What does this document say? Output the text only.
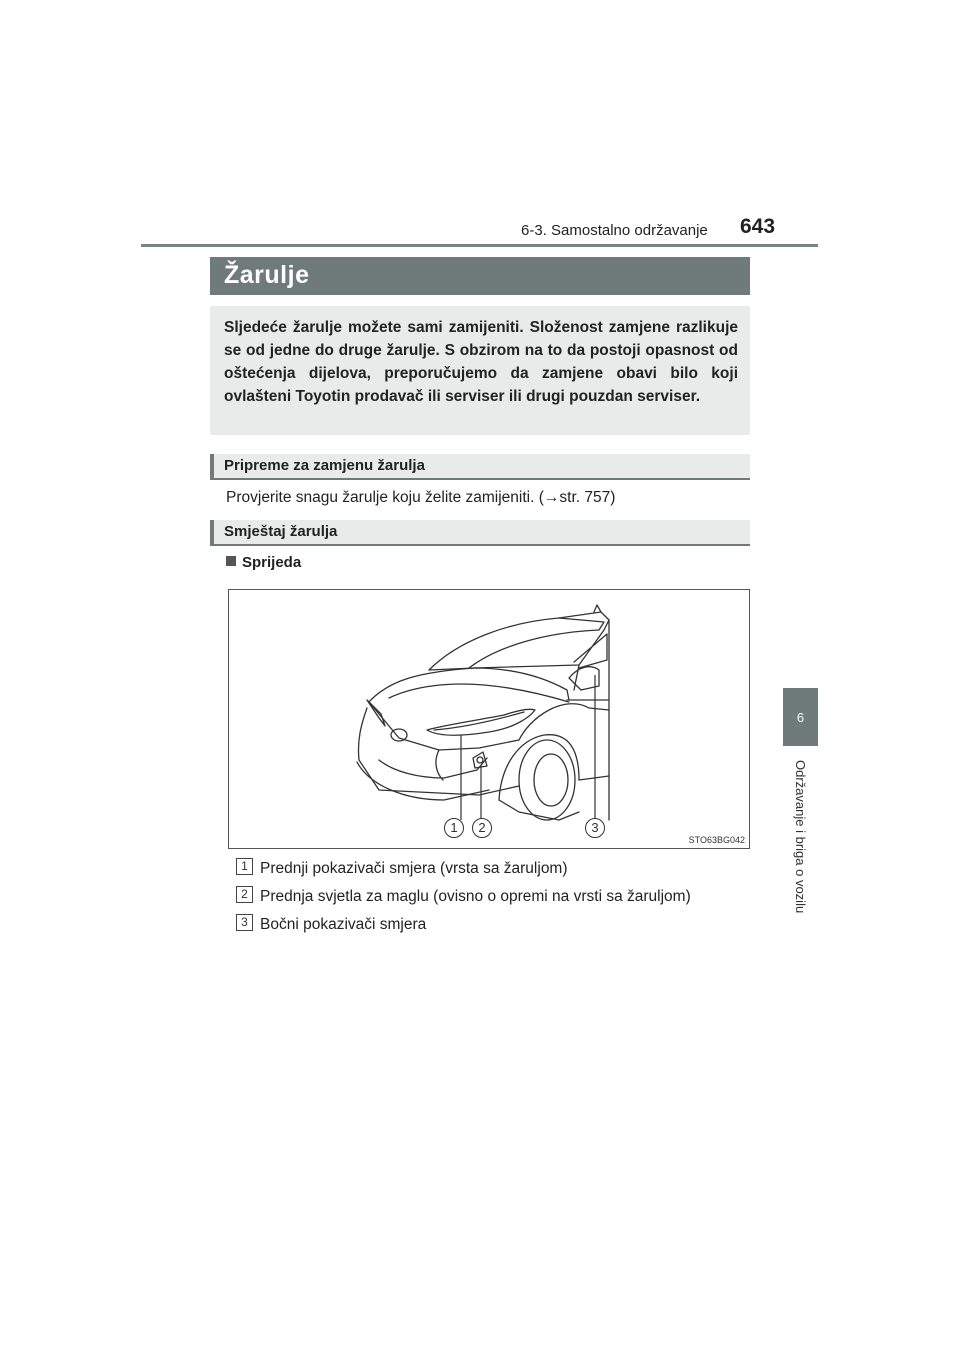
6-3. Samostalno održavanje 643
6
Održavanje i briga o vozilu
Žarulje
Sljedeće žarulje možete sami zamijeniti. Složenost zamjene razlikuje se od jedne do druge žarulje. S obzirom na to da postoji opasnost od oštećenja dijelova, preporučujemo da zamjene obavi bilo koji ovlašteni Toyotin prodavač ili serviser ili drugi pouzdan serviser.
Pripreme za zamjenu žarulja
Provjerite snagu žarulje koju želite zamijeniti. (→str. 757)
Smještaj žarulja
Sprijeda
1	2	3
STO63BG042
1 Prednji pokazivači smjera (vrsta sa žaruljom)
2 Prednja svjetla za maglu (ovisno o opremi na vrsti sa žaruljom)
3 Bočni pokazivači smjera
